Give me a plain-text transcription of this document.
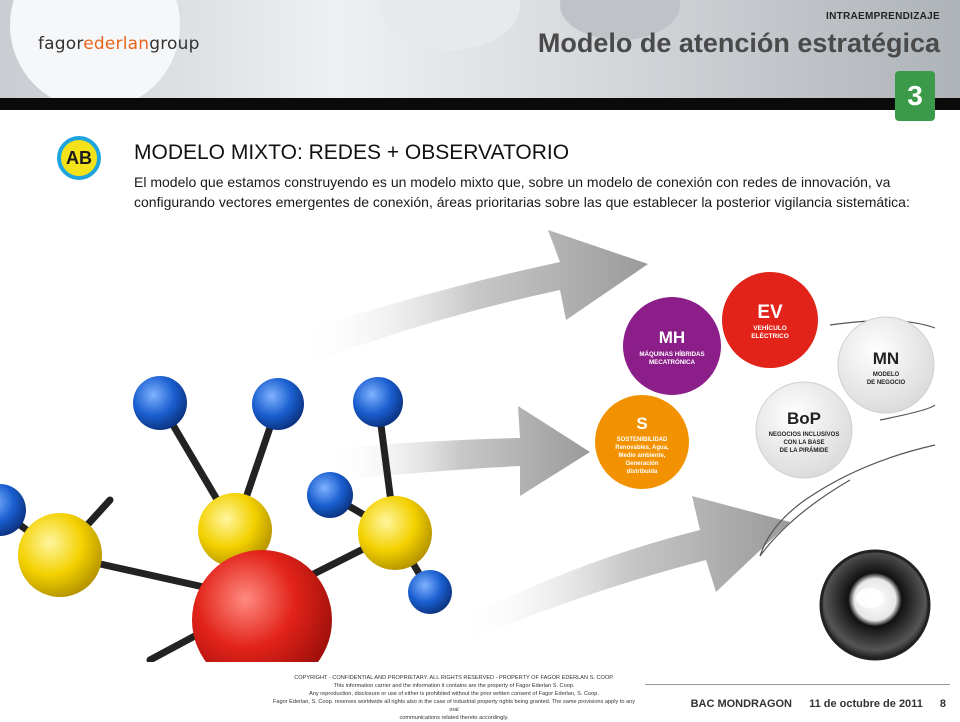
fagorederlangroup
INTRAEMPRENDIZAJE
Modelo de atención estratégica
3
AB	MODELO MIXTO: REDES + OBSERVATORIO
El modelo que estamos construyendo es un modelo mixto que, sobre un modelo de conexión con redes de innovación, va configurando vectores emergentes de conexión, áreas prioritarias sobre las que establecer la posterior vigilancia sistemática:
EV
VEHÍCULO
ELÉCTRICO
MH
MÁQUINAS HÍBRIDAS
MECATRÓNICA	MN
MODELO
DE NEGOCIO
S
SOSTENIBILIDAD
Renovables, Agua,
Medio ambiente,
Generación
distribuida
BoP
NEGOCIOS INCLUSIVOS
CON LA BASE
DE LA PIRÁMIDE
COPYRIGHT - CONFIDENTIAL AND PROPRIETARY. ALL RIGHTS RESERVED - PROPERTY OF FAGOR EDERLAN S. COOP.
This information carrier and the information it contains are the property of Fagor Ederlan S. Coop.
Any reproduction, disclosure or use of either is prohibited without the prior written consent of Fagor Ederlan, S. Coop.
Fagor Ederlan, S. Coop. reserves worldwide all rights also in the case of industrial property rights being granted. The same provisions apply to any oral
communications related thereto accordingly.
BAC MONDRAGON 11 de octubre de 2011 8
